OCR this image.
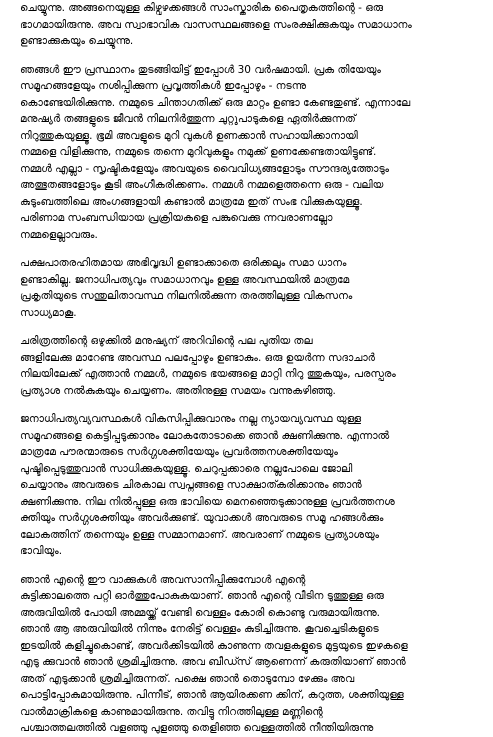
ചെയ്യുന്നു. അങ്ങനെയുള്ള കിഴ്വഴക്കങ്ങൾ സാംസ്കാരിക പൈതൃകത്തിന്റെ - ഒരു
ഭാഗമായിരുന്നു. അവ സ്വാഭാവിക വാസസ്ഥലങ്ങളെ സംരക്ഷിക്കുകയും സമാധാനം
ഉണ്ടാക്കുകയും ചെയ്യുന്നു.
ഞങ്ങൾ ഈ പ്രസ്ഥാനം തുടങ്ങിയിട്ട് ഇപ്പോൾ 30 വർഷമായി. പ്രക തിയേയും
സമൂഹങ്ങളേയും നശിപ്പിക്കുന്ന പ്രവൃത്തികൾ ഇപ്പോഴും - നടന്നു
കൊണ്ടേയിരിക്കുന്നു. നമ്മുടെ ചിന്താഗതിക്ക് ഒരു മാറ്റം ഉണ്ടാ കേണ്ടതുണ്ട്. എന്നാലേ
മനുഷ്യർ തങ്ങളുടെ ജീവൻ നിലനിർത്തുന്ന ചുറ്റുപാടുകളെ ഏതിർക്കുന്നത്
നിറുത്തുകയുള്ളൂ. ഭൂമി അവളുടെ മുറി വുകൾ ഉണക്കാൻ സഹായിക്കാനായി
നമ്മളെ വിളിക്കുന്നു, നമ്മുടെ തന്നെ മുറിവുകളും നമുക്ക് ഉണക്കേണ്ടതായിട്ടുണ്ട്.
നമ്മൾ എല്ലാ - സൃഷ്ടികളേയും അവയുടെ വൈവിധ്യങ്ങളോടും സൗന്ദര്യത്തോടും
അത്ഭുതങ്ങളോടും കൂടി അംഗീകരിക്കണം. നമ്മൾ നമ്മളെത്തന്നെ ഒരു - വലിയ
കുടുംബത്തിലെ അംഗങ്ങളായി കണ്ടാൽ മാത്രമേ ഇത് സംഭ വിക്കുകയുള്ളൂ.
പരിണാമ സംബന്ധിയായ പ്രക്രിയകളെ പങ്കുവെക്കു ന്നവരാണല്ലോ
നമ്മളെല്ലാവരും.
പക്ഷപാതരഹിതമായ അഭിവൃദ്ധി ഉണ്ടാക്കാതെ ഒരിക്കലും സമാ ധാനം
ഉണ്ടാകില്ല. ജനാധിപത്യവും സമാധാനവും ഉള്ള അവസ്ഥയിൽ മാത്രമേ
പ്രകൃതിയുടെ സന്തുലിതാവസ്ഥ നിലനിൽക്കുന്ന തരത്തിലുള്ള വികസനം
സാധ്യമാകൂ.
ചരിത്രത്തിന്റെ ഒഴുക്കിൽ മനുഷ്യന് അറിവിന്റെ പല പുതിയ തല
ങ്ങളിലേക്കു മാറേണ്ട അവസ്ഥ പലപ്പോഴും ഉണ്ടാകും. ഒരു ഉയർന്ന സദാചാർ
നിലയിലേക്ക് എത്താൻ നമ്മൾ, നമ്മുടെ ഭയങ്ങളെ മാറ്റി നിറു ത്തുകയും, പരസ്പരം
പ്രത്യാശ നൽകുകയും ചെയ്യണം. അതിനുള്ള സമയം വന്നുകഴിഞ്ഞു.
ജനാധിപത്യവ്യവസ്ഥകൾ വികസിപ്പിക്കുവാനും നല്ല ന്യായവ്യവസ്ഥ യുള്ള
സമൂഹങ്ങളെ കെട്ടിപ്പടുക്കാനും ലോകതോടാക്കെ ഞാൻ ക്ഷണിക്കുന്നു. എന്നാൽ
മാത്രമേ പൗരന്മാരുടെ സർഗ്ഗശക്തിയേയും പ്രവർത്തനശക്തിയേയും
പുഷ്ടിപ്പെടുത്തുവാൻ സാധിക്കുകയുള്ളൂ. ചെറുപ്പക്കാരെ നല്ലപോലെ ജോലി
ചെയ്യാനും അവരുടെ ചിരകാല സ്വപ്നങ്ങളെ സാക്ഷാത്കരിക്കാനും ഞാൻ
ക്ഷണിക്കുന്നു. നില നിൽപ്പുള്ള ഒരു ഭാവിയെ മെനഞ്ഞെടുക്കാനുള്ള പ്രവർത്തനശ
ക്തിയും സർഗ്ഗശക്തിയും അവർക്കുണ്ട്. യുവാക്കൾ അവരുടെ സമൂ ഹങ്ങൾക്കും
ലോകത്തിന് തന്നെയും ഉള്ള സമ്മാനമാണ്. അവരാണ് നമ്മുടെ പ്രത്യാശയും
ഭാവിയും.
ഞാൻ എന്റെ ഈ വാക്കുകൾ അവസാനിപ്പിക്കുമ്പോൾ എന്റെ
കുട്ടിക്കാലത്തെ പറ്റി ഓർത്തുപോകുകയാണ്. ഞാൻ എന്റെ വീടിന ടുത്തുള്ള ഒരു
അരുവിയിൽ പോയി അമ്മയ്ക്ക് വേണ്ടി വെള്ളം കോരി കൊണ്ടു വരുമായിരുന്നു.
ഞാൻ ആ അരുവിയിൽ നിന്നും നേരിട്ട് വെള്ളം കുടിച്ചിരുന്നു. കൂവച്ചെടികളുടെ
ഇടയിൽ കളിച്ചുകൊണ്ട്, അവർക്കിടയിൽ കാണുന്ന തവളകളുടെ മുട്ടയുടെ ഇഴകളെ
എടു ക്കുവാൻ ഞാൻ ശ്രമിച്ചിരുന്നു. അവ ബീഡ്സ് ആണെന്ന് കരുതിയാണ് ഞാൻ
അത് എടുക്കാൻ ശ്രമിച്ചിരുന്നത്. പക്ഷെ ഞാൻ തൊടുമ്പോ ഴേക്കും അവ
പൊട്ടിപ്പോകുമായിരുന്നു. പിന്നീട്, ഞാൻ ആയിരക്കണ ക്കിന്, കറുത്ത, ശക്തിയുള്ള
വാൽമാക്രികളെ കാണുമായിരുന്നു. തവിട്ടു നിറത്തിലുള്ള മണ്ണിന്റെ
പശ്ചാത്തലത്തിൽ വളഞ്ഞു പുളഞ്ഞു തെളിഞ്ഞ വെള്ളത്തിൽ നീന്തിയിരുന്നു
